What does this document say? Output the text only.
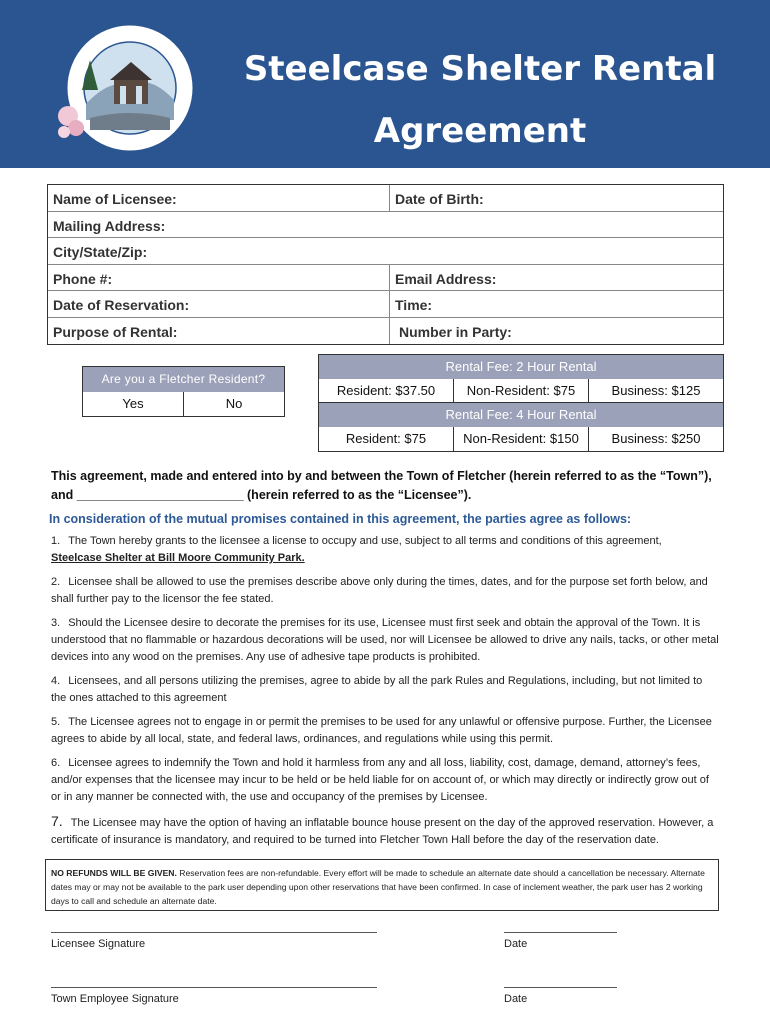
Steelcase Shelter Rental Agreement
Name of Licensee:	Date of Birth:
Mailing Address:
City/State/Zip:
Phone #:	Email Address:
Date of Reservation:	Time:
Purpose of Rental:	Number in Party:
Are you a Fletcher Resident?
Yes	No
Rental Fee: 2 Hour Rental
Resident: $37.50	Non-Resident: $75	Business: $125
Rental Fee: 4 Hour Rental
Resident: $75	Non-Resident: $150	Business: $250
This agreement, made and entered into by and between the Town of Fletcher (herein referred to as the “Town”),
and ________________________ (herein referred to as the “Licensee”).
In consideration of the mutual promises contained in this agreement, the parties agree as follows:
1. The Town hereby grants to the licensee a license to occupy and use, subject to all terms and conditions of this agreement,
Steelcase Shelter at Bill Moore Community Park.
2. Licensee shall be allowed to use the premises describe above only during the times, dates, and for the purpose set forth below, and shall further pay to the licensor the fee stated.
3. Should the Licensee desire to decorate the premises for its use, Licensee must first seek and obtain the approval of the Town. It is understood that no flammable or hazardous decorations will be used, nor will Licensee be allowed to drive any nails, tacks, or other metal devices into any wood on the premises. Any use of adhesive tape products is prohibited.
4. Licensees, and all persons utilizing the premises, agree to abide by all the park Rules and Regulations, including, but not limited to the ones attached to this agreement
5. The Licensee agrees not to engage in or permit the premises to be used for any unlawful or offensive purpose. Further, the Licensee agrees to abide by all local, state, and federal laws, ordinances, and regulations while using this permit.
6. Licensee agrees to indemnify the Town and hold it harmless from any and all loss, liability, cost, damage, demand, attorney’s fees, and/or expenses that the licensee may incur to be held or be held liable for on account of, or which may directly or indirectly grow out of or in any manner be connected with, the use and occupancy of the premises by Licensee.
7. The Licensee may have the option of having an inflatable bounce house present on the day of the approved reservation. However, a certificate of insurance is mandatory, and required to be turned into Fletcher Town Hall before the day of the reservation date.
NO REFUNDS WILL BE GIVEN. Reservation fees are non-refundable. Every effort will be made to schedule an alternate date should a cancellation be necessary. Alternate dates may or may not be available to the park user depending upon other reservations that have been confirmed. In case of inclement weather, the park user has 2 working days to call and schedule an alternate date.
Licensee Signature	Date
Town Employee Signature	Date
